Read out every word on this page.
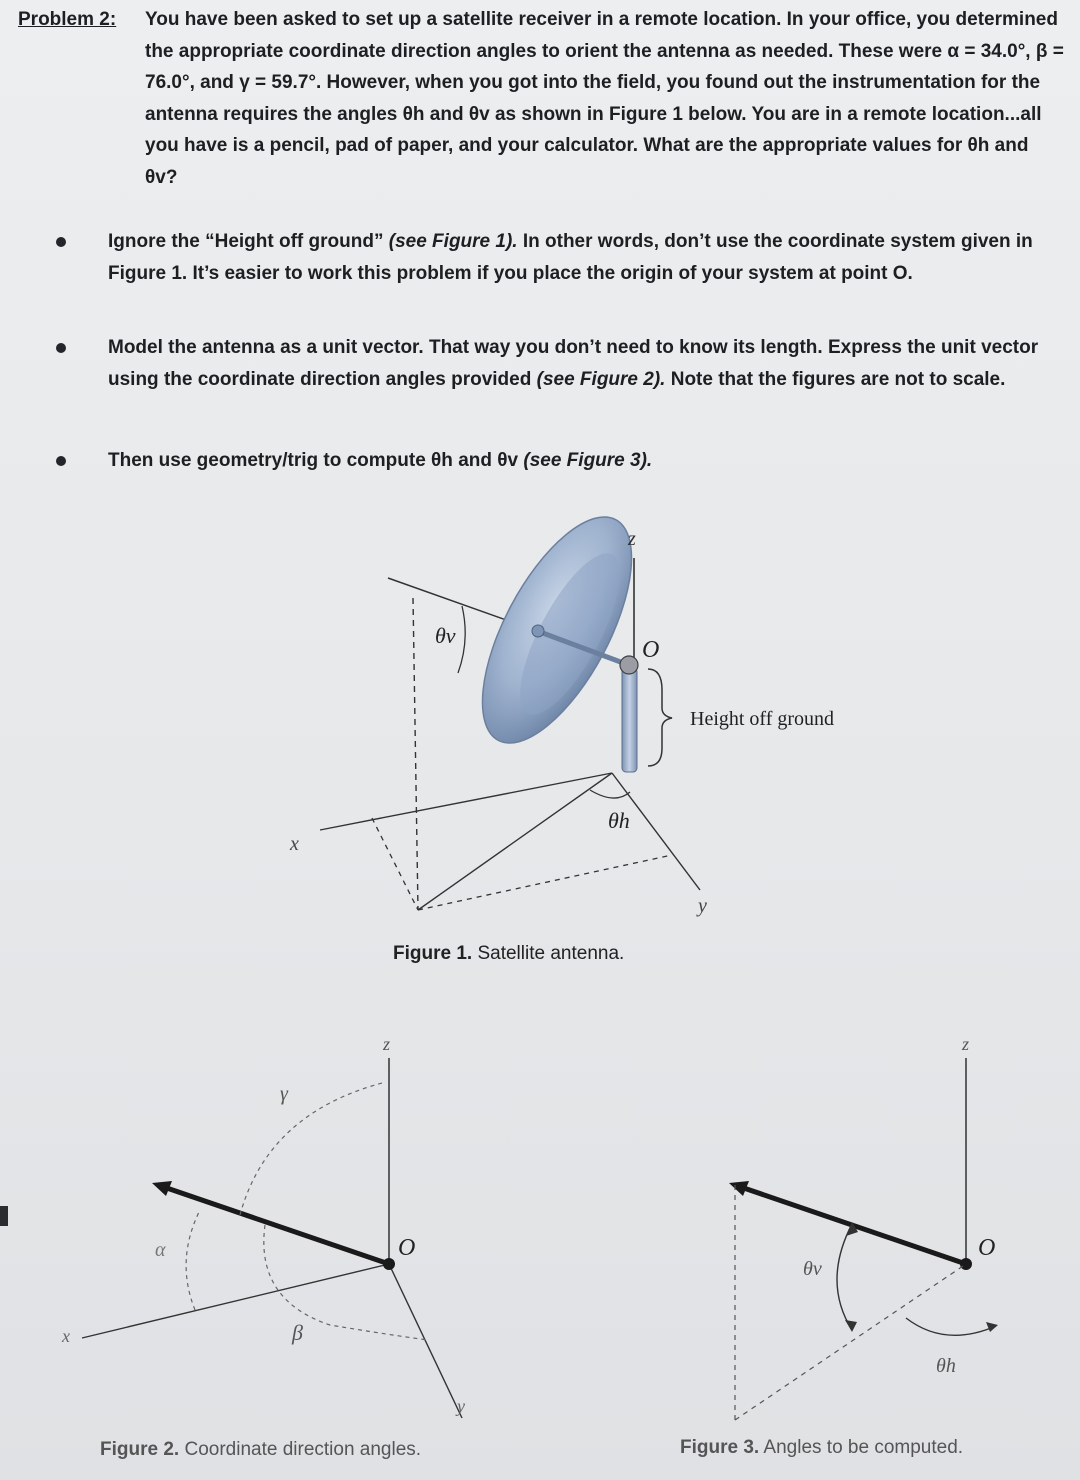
Problem 2: You have been asked to set up a satellite receiver in a remote location. In your office, you determined the appropriate coordinate direction angles to orient the antenna as needed. These were α = 34.0°, β = 76.0°, and γ = 59.7°. However, when you got into the field, you found out the instrumentation for the antenna requires the angles θh and θv as shown in Figure 1 below. You are in a remote location...all you have is a pencil, pad of paper, and your calculator. What are the appropriate values for θh and θv?
Ignore the “Height off ground” (see Figure 1). In other words, don’t use the coordinate system given in Figure 1. It’s easier to work this problem if you place the origin of your system at point O.
Model the antenna as a unit vector. That way you don’t need to know its length. Express the unit vector using the coordinate direction angles provided (see Figure 2). Note that the figures are not to scale.
Then use geometry/trig to compute θh and θv (see Figure 3).
z
O
θv
θh
x
y
Height off ground
z
O
x
y
α
β
γ
z
O
θv
θh
Figure 1. Satellite antenna.
Figure 2. Coordinate direction angles.	Figure 3. Angles to be computed.
